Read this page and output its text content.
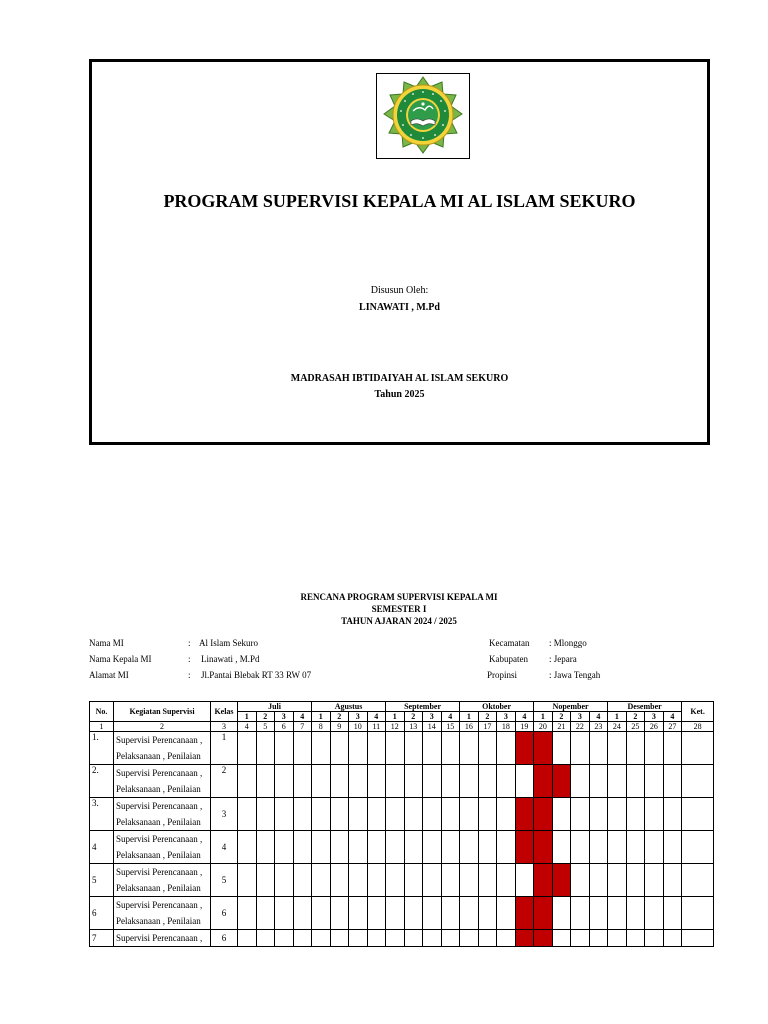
PROGRAM SUPERVISI KEPALA MI AL ISLAM SEKURO
Disusun Oleh:
LINAWATI , M.Pd
MADRASAH IBTIDAIYAH AL ISLAM SEKURO
Tahun 2025
RENCANA PROGRAM SUPERVISI KEPALA MI
SEMESTER I
TAHUN AJARAN 2024 / 2025
Nama MI	: Al Islam Sekuro
Nama Kepala MI	: Linawati , M.Pd
Alamat MI	: Jl.Pantai Blebak RT 33 RW 07
Kecamatan : Mlonggo
Kabupaten : Jepara
Propinsi	: Jawa Tengah
No.	Kegiatan Supervisi	Kelas	Juli				Agustus				September				Oktober				Nopember				Desember				Ket.
			1	2	3	4	1	2	3	4	1	2	3	4	1	2	3	4	1	2	3	4	1	2	3	4	
1	2	3	4	5	6	7	8	9	10	11	12	13	14	15	16	17	18	19	20	21	22	23	24	25	26	27	28
1.	Supervisi Perencanaan ,
Pelaksanaan , Penilaian	1																									
2.	Supervisi Perencanaan ,
Pelaksanaan , Penilaian	2																									
3.	Supervisi Perencanaan ,
Pelaksanaan , Penilaian	3																									
4	Supervisi Perencanaan ,
Pelaksanaan , Penilaian	4																									
5	Supervisi Perencanaan ,
Pelaksanaan , Penilaian	5																									
6	Supervisi Perencanaan ,
Pelaksanaan , Penilaian	6																									
7	Supervisi Perencanaan ,	6																									
